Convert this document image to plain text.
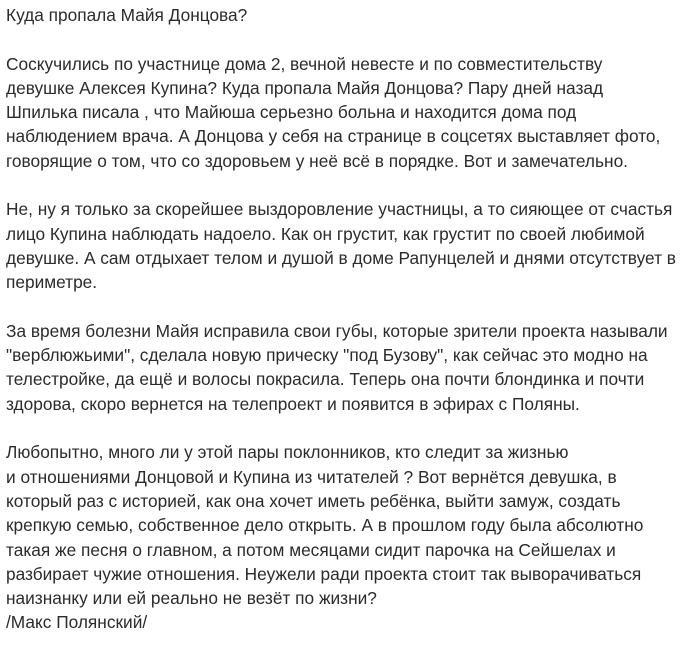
Куда пропала Майя Донцова?
Соскучились по участнице дома 2, вечной невесте и по совместительству
девушке Алексея Купина? Куда пропала Майя Донцова? Пару дней назад
Шпилька писала , что Майюша серьезно больна и находится дома под
наблюдением врача. А Донцова у себя на странице в соцсетях выставляет фото,
говорящие о том, что со здоровьем у неё всё в порядке. Вот и замечательно.
Не, ну я только за скорейшее выздоровление участницы, а то сияющее от счастья
лицо Купина наблюдать надоело. Как он грустит, как грустит по своей любимой
девушке. А сам отдыхает телом и душой в доме Рапунцелей и днями отсутствует в
периметре.
За время болезни Майя исправила свои губы, которые зрители проекта называли
"верблюжьими", сделала новую прическу "под Бузову", как сейчас это модно на
телестройке, да ещё и волосы покрасила. Теперь она почти блондинка и почти
здорова, скоро вернется на телепроект и появится в эфирах с Поляны.
Любопытно, много ли у этой пары поклонников, кто следит за жизнью
и отношениями Донцовой и Купина из читателей ? Вот вернётся девушка, в
который раз с историей, как она хочет иметь ребёнка, выйти замуж, создать
крепкую семью, собственное дело открыть. А в прошлом году была абсолютно
такая же песня о главном, а потом месяцами сидит парочка на Сейшелах и
разбирает чужие отношения. Неужели ради проекта стоит так выворачиваться
наизнанку или ей реально не везёт по жизни?
/Макс Полянский/
